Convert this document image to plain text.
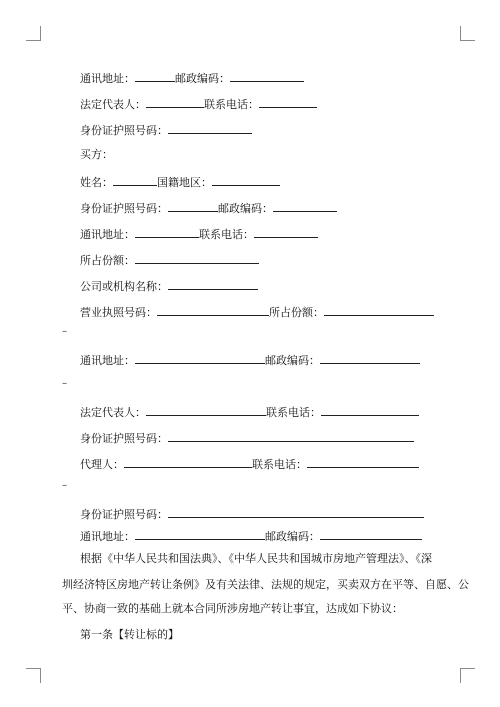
通讯地址：	邮政编码：
法定代表人：	联系电话：
身份证护照号码：
买方：
姓名：	国籍地区：
身份证护照号码：	邮政编码：
通讯地址：	联系电话：
所占份额：
公司或机构名称：
营业执照号码：	所占份额：
–
通讯地址：	邮政编码：
–
法定代表人：	联系电话：
身份证护照号码：
代理人：	联系电话：
–
身份证护照号码：
通讯地址：	邮政编码：
根据《中华人民共和国法典》、《中华人民共和国城市房地产管理法》、《深
圳经济特区房地产转让条例》及有关法律、法规的规定，买卖双方在平等、自愿、公
平、协商一致的基础上就本合同所涉房地产转让事宜，达成如下协议：
第一条【转让标的】
